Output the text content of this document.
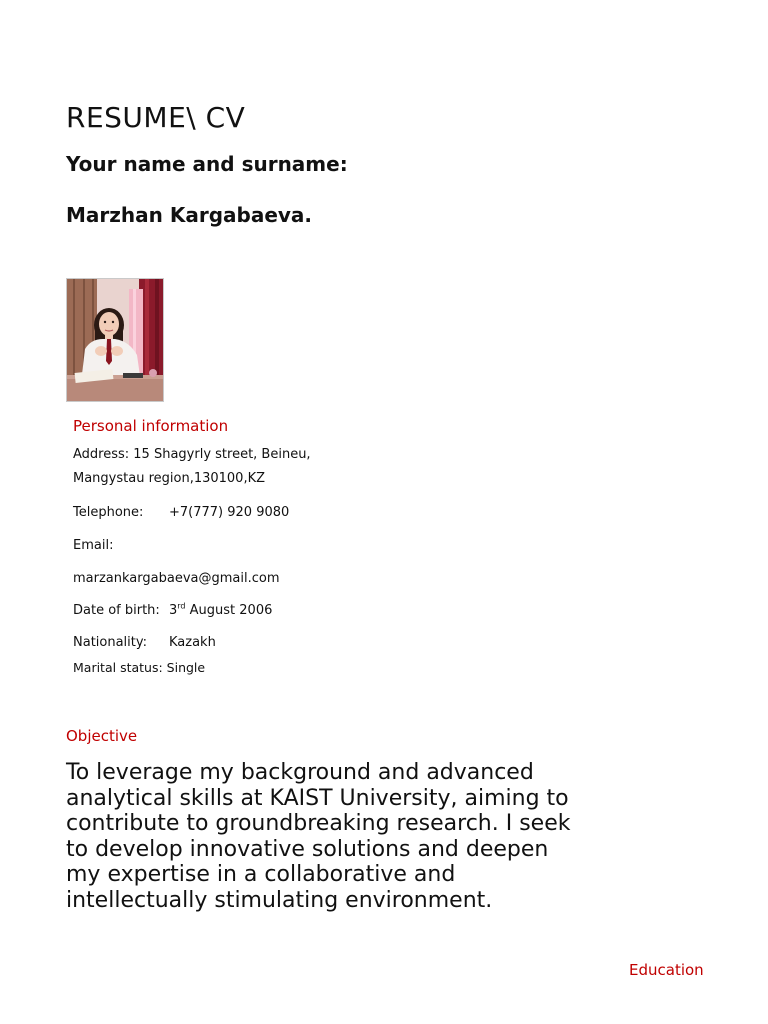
RESUME\ CV

Your name and surname:

Marzhan Kargabaeva.

Personal information

Address: 15 Shagyrly street, Beineu, Mangystau region,130100,KZ

Telephone: +7(777) 920 9080
Email:
marzankargabaeva@gmail.com
Date of birth: 3rd August 2006
Nationality: Kazakh
Marital status: Single
Objective

To leverage my background and advanced analytical skills at KAIST University, aiming to contribute to groundbreaking research. I seek to develop innovative solutions and deepen my expertise in a collaborative and intellectually stimulating environment.

Education
